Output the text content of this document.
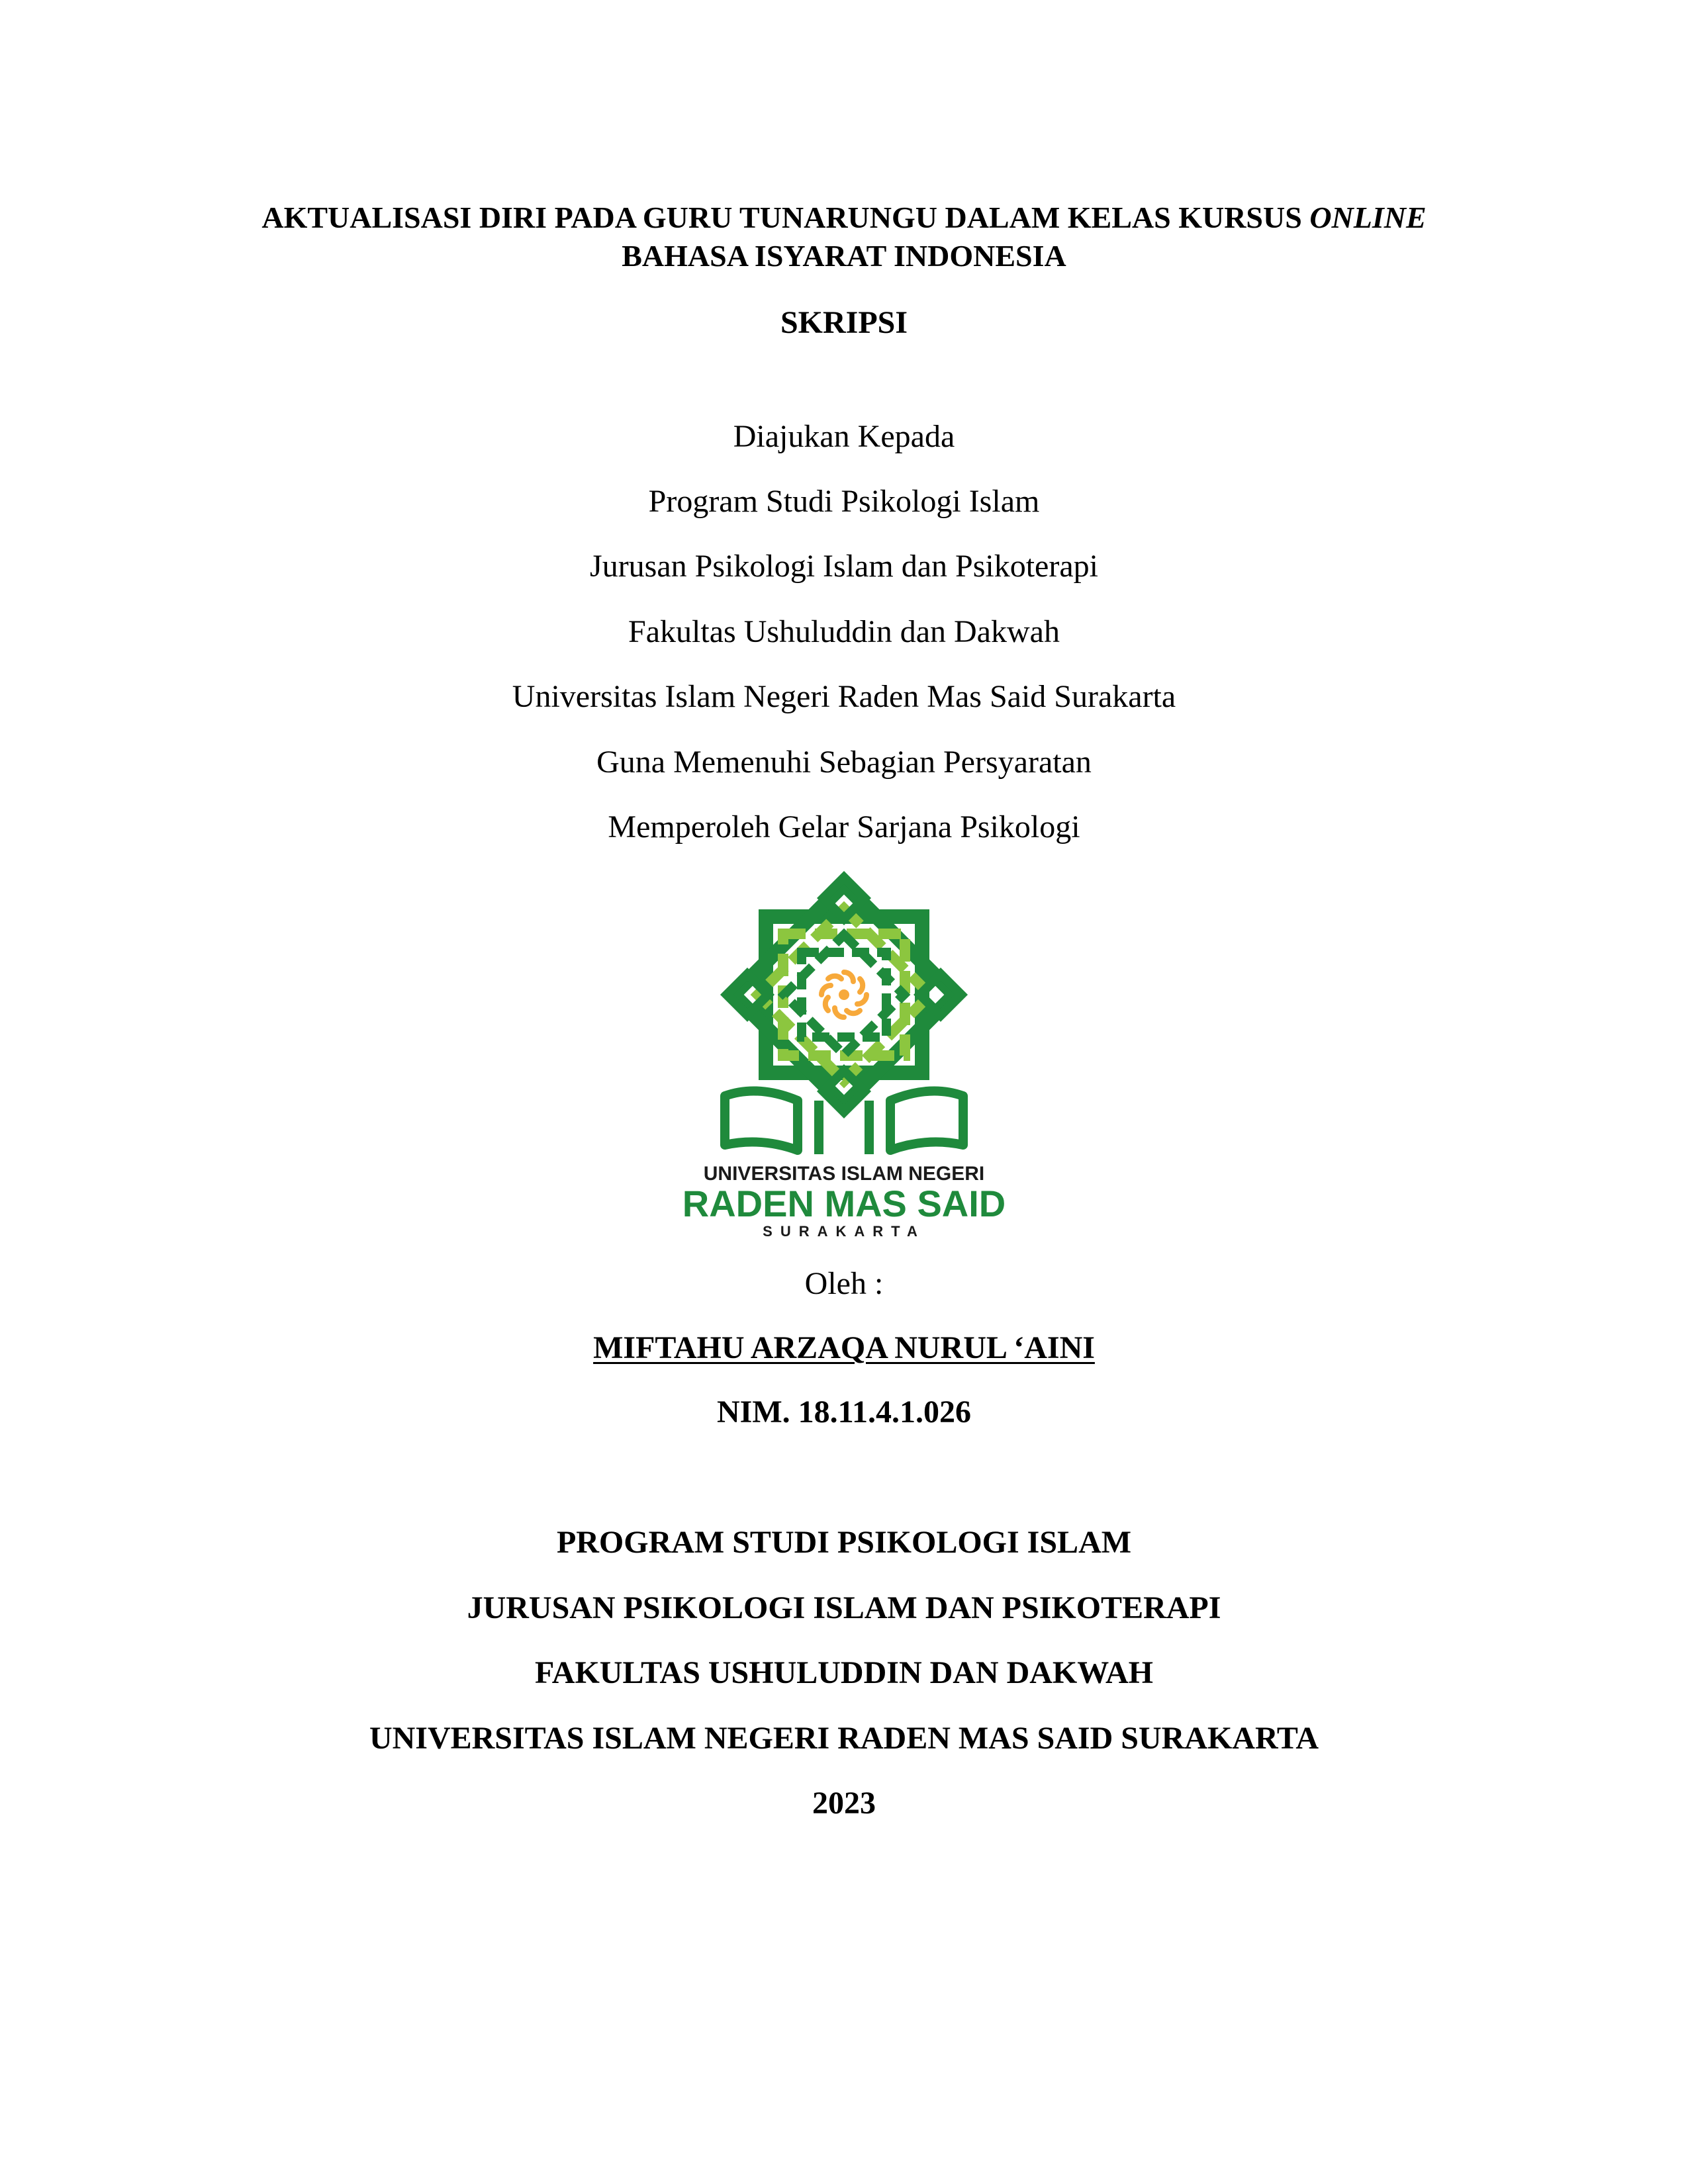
AKTUALISASI DIRI PADA GURU TUNARUNGU DALAM KELAS KURSUS ONLINE
BAHASA ISYARAT INDONESIA
SKRIPSI
Diajukan Kepada
Program Studi Psikologi Islam
Jurusan Psikologi Islam dan Psikoterapi
Fakultas Ushuluddin dan Dakwah
Universitas Islam Negeri Raden Mas Said Surakarta
Guna Memenuhi Sebagian Persyaratan
Memperoleh Gelar Sarjana Psikologi
UNIVERSITAS ISLAM NEGERI
RADEN MAS SAID
SURAKARTA
Oleh :
MIFTAHU ARZAQA NURUL ‘AINI
NIM. 18.11.4.1.026
PROGRAM STUDI PSIKOLOGI ISLAM
JURUSAN PSIKOLOGI ISLAM DAN PSIKOTERAPI
FAKULTAS USHULUDDIN DAN DAKWAH
UNIVERSITAS ISLAM NEGERI RADEN MAS SAID SURAKARTA
2023
